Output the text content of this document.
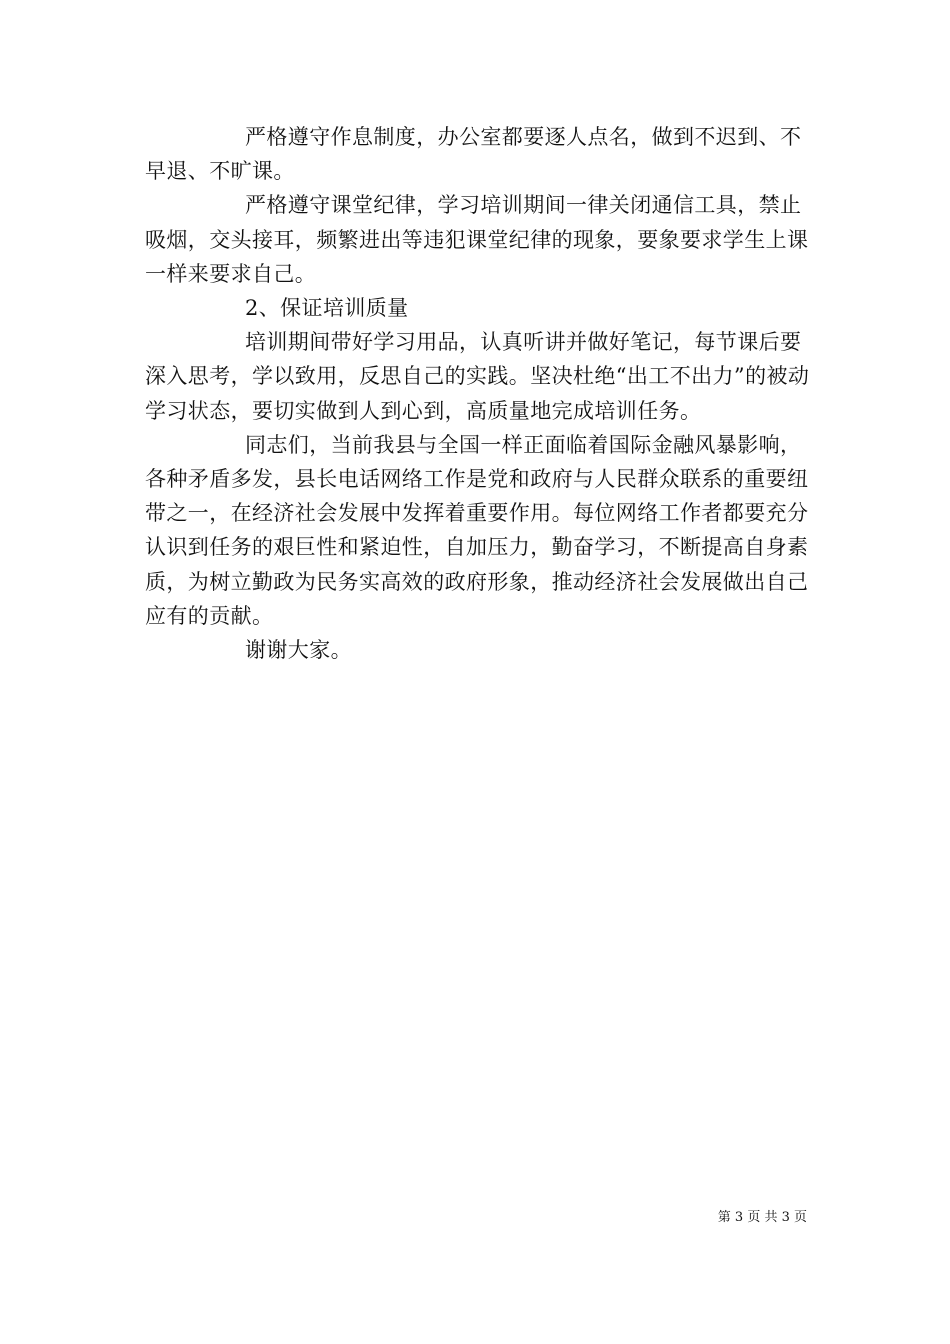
严格遵守作息制度，办公室都要逐人点名，做到不迟到、不早退、不旷课。

严格遵守课堂纪律，学习培训期间一律关闭通信工具，禁止吸烟，交头接耳，频繁进出等违犯课堂纪律的现象，要象要求学生上课一样来要求自己。

2、保证培训质量

培训期间带好学习用品，认真听讲并做好笔记，每节课后要深入思考，学以致用，反思自己的实践。坚决杜绝“出工不出力”的被动学习状态，要切实做到人到心到，高质量地完成培训任务。

同志们，当前我县与全国一样正面临着国际金融风暴影响，各种矛盾多发，县长电话网络工作是党和政府与人民群众联系的重要纽带之一，在经济社会发展中发挥着重要作用。每位网络工作者都要充分认识到任务的艰巨性和紧迫性，自加压力，勤奋学习，不断提高自身素质，为树立勤政为民务实高效的政府形象，推动经济社会发展做出自己应有的贡献。

谢谢大家。

第 3 页 共 3 页
